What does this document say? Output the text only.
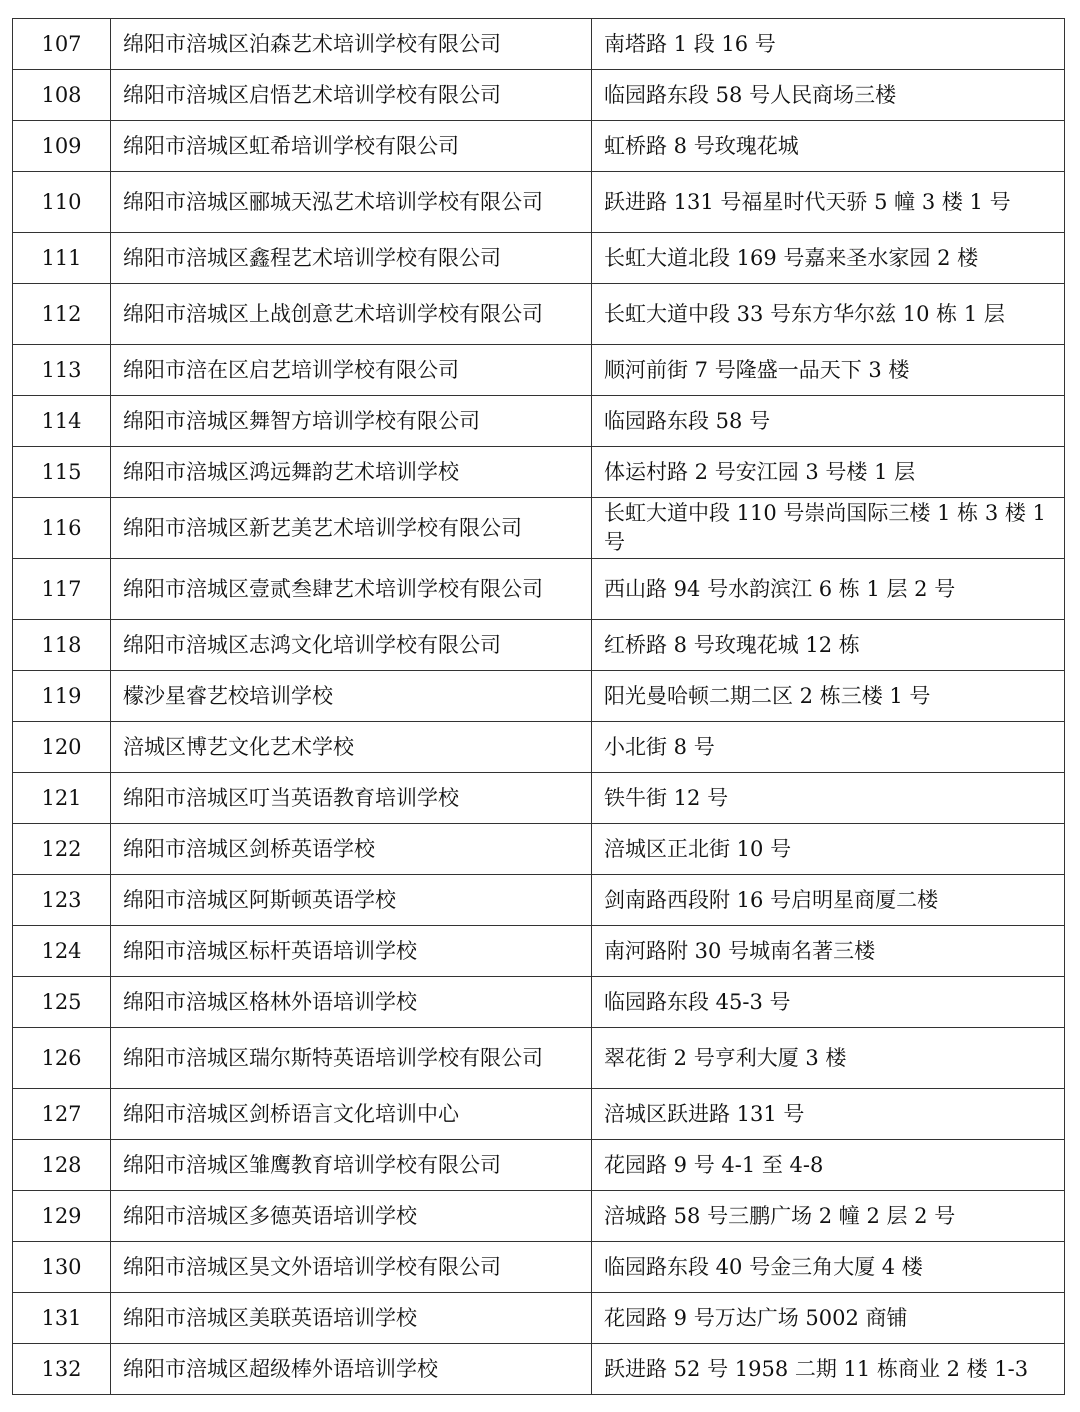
107	绵阳市涪城区泊森艺术培训学校有限公司	南塔路 1 段 16 号

108	绵阳市涪城区启悟艺术培训学校有限公司	临园路东段 58 号人民商场三楼

109	绵阳市涪城区虹希培训学校有限公司	虹桥路 8 号玫瑰花城

110	绵阳市涪城区郦城天泓艺术培训学校有限公司	跃进路 131 号福星时代天骄 5 幢 3 楼 1 号

111	绵阳市涪城区鑫程艺术培训学校有限公司	长虹大道北段 169 号嘉来圣水家园 2 楼

112	绵阳市涪城区上战创意艺术培训学校有限公司	长虹大道中段 33 号东方华尔兹 10 栋 1 层

113	绵阳市涪在区启艺培训学校有限公司	顺河前街 7 号隆盛一品天下 3 楼

114	绵阳市涪城区舞智方培训学校有限公司	临园路东段 58 号

115	绵阳市涪城区鸿远舞韵艺术培训学校	体运村路 2 号安江园 3 号楼 1 层

116	绵阳市涪城区新艺美艺术培训学校有限公司	长虹大道中段 110 号崇尚国际三楼 1 栋 3 楼 1 号

117	绵阳市涪城区壹贰叁肆艺术培训学校有限公司	西山路 94 号水韵滨江 6 栋 1 层 2 号

118	绵阳市涪城区志鸿文化培训学校有限公司	红桥路 8 号玫瑰花城 12 栋

119	檬沙星睿艺校培训学校	阳光曼哈顿二期二区 2 栋三楼 1 号

120	涪城区博艺文化艺术学校	小北街 8 号

121	绵阳市涪城区叮当英语教育培训学校	铁牛街 12 号

122	绵阳市涪城区剑桥英语学校	涪城区正北街 10 号

123	绵阳市涪城区阿斯顿英语学校	剑南路西段附 16 号启明星商厦二楼

124	绵阳市涪城区标杆英语培训学校	南河路附 30 号城南名著三楼

125	绵阳市涪城区格林外语培训学校	临园路东段 45-3 号

126	绵阳市涪城区瑞尔斯特英语培训学校有限公司	翠花街 2 号亨利大厦 3 楼

127	绵阳市涪城区剑桥语言文化培训中心	涪城区跃进路 131 号

128	绵阳市涪城区雏鹰教育培训学校有限公司	花园路 9 号 4-1 至 4-8

129	绵阳市涪城区多德英语培训学校	涪城路 58 号三鹏广场 2 幢 2 层 2 号

130	绵阳市涪城区昊文外语培训学校有限公司	临园路东段 40 号金三角大厦 4 楼

131	绵阳市涪城区美联英语培训学校	花园路 9 号万达广场 5002 商铺

132	绵阳市涪城区超级棒外语培训学校	跃进路 52 号 1958 二期 11 栋商业 2 楼 1-3
